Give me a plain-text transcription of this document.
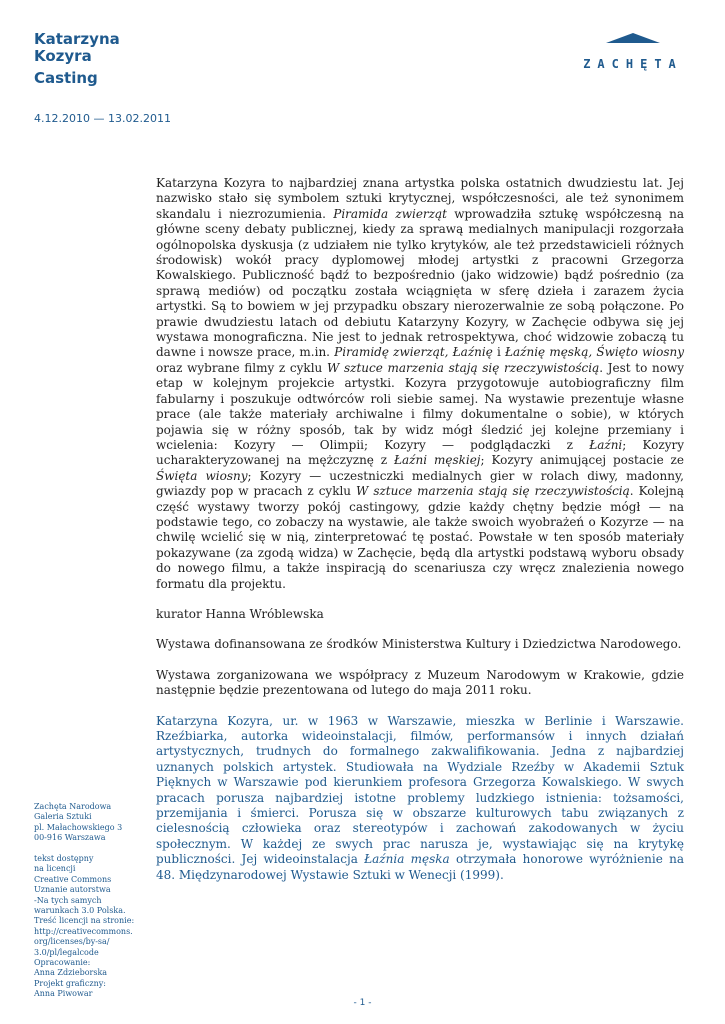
Katarzyna
Kozyra
Casting
4.12.2010 — 13.02.2011
ZACHĘTA

Katarzyna Kozyra to najbardziej znana artystka polska ostatnich dwudziestu lat. Jej nazwisko stało się symbolem sztuki krytycznej, współczesności, ale też synonimem skandalu i niezrozumienia. Piramida zwierząt wprowadziła sztukę współczesną na główne sceny debaty publicznej, kiedy za sprawą medialnych manipulacji rozgorzała ogólnopolska dyskusja (z udziałem nie tylko krytyków, ale też przedstawicieli różnych środowisk) wokół pracy dyplomowej młodej artystki z pracowni Grzegorza Kowalskiego. Publiczność bądź to bezpośrednio (jako widzowie) bądź pośrednio (za sprawą mediów) od początku została wciągnięta w sferę dzieła i zarazem życia artystki. Są to bowiem w jej przypadku obszary nierozerwalnie ze sobą połączone. Po prawie dwudziestu latach od debiutu Katarzyny Kozyry, w Zachęcie odbywa się jej wystawa monograficzna. Nie jest to jednak retrospektywa, choć widzowie zobaczą tu dawne i nowsze prace, m.in. Piramidę zwierząt, Łaźnię i Łaźnię męską, Święto wiosny oraz wybrane filmy z cyklu W sztuce marzenia stają się rzeczywistością. Jest to nowy etap w kolejnym projekcie artystki. Kozyra przygotowuje autobiograficzny film fabularny i poszukuje odtwórców roli siebie samej. Na wystawie prezentuje własne prace (ale także materiały archiwalne i filmy dokumentalne o sobie), w których pojawia się w różny sposób, tak by widz mógł śledzić jej kolejne przemiany i wcielenia: Kozyry — Olimpii; Kozyry — podglądaczki z Łaźni; Kozyry ucharakteryzowanej na mężczyznę z Łaźni męskiej; Kozyry animującej postacie ze Święta wiosny; Kozyry — uczestniczki medialnych gier w rolach diwy, madonny, gwiazdy pop w pracach z cyklu W sztuce marzenia stają się rzeczywistością. Kolejną część wystawy tworzy pokój castingowy, gdzie każdy chętny będzie mógł — na podstawie tego, co zobaczy na wystawie, ale także swoich wyobrażeń o Kozyrze — na chwilę wcielić się w nią, zinterpretować tę postać. Powstałe w ten sposób materiały pokazywane (za zgodą widza) w Zachęcie, będą dla artystki podstawą wyboru obsady do nowego filmu, a także inspiracją do scenariusza czy wręcz znalezienia nowego formatu dla projektu.

kurator Hanna Wróblewska

Wystawa dofinansowana ze środków Ministerstwa Kultury i Dziedzictwa Narodowego.

Wystawa zorganizowana we współpracy z Muzeum Narodowym w Krakowie, gdzie następnie będzie prezentowana od lutego do maja 2011 roku.

Katarzyna Kozyra, ur. w 1963 w Warszawie, mieszka w Berlinie i Warszawie. Rzeźbiarka, autorka wideoinstalacji, filmów, performansów i innych działań artystycznych, trudnych do formalnego zakwalifikowania. Jedna z najbardziej uznanych polskich artystek. Studiowała na Wydziale Rzeźby w Akademii Sztuk Pięknych w Warszawie pod kierunkiem profesora Grzegorza Kowalskiego. W swych pracach porusza najbardziej istotne problemy ludzkiego istnienia: tożsamości, przemijania i śmierci. Porusza się w obszarze kulturowych tabu związanych z cielesnością człowieka oraz stereotypów i zachowań zakodowanych w życiu społecznym. W każdej ze swych prac narusza je, wystawiając się na krytykę publiczności. Jej wideoinstalacja Łaźnia męska otrzymała honorowe wyróżnienie na 48. Międzynarodowej Wystawie Sztuki w Wenecji (1999).

Zachęta Narodowa
Galeria Sztuki
pl. Małachowskiego 3
00-916 Warszawa

tekst dostępny
na licencji
Creative Commons
Uznanie autorstwa
-Na tych samych
warunkach 3.0 Polska.
Treść licencji na stronie:
http://creativecommons.
org/licenses/by-sa/
3.0/pl/legalcode
Opracowanie:
Anna Zdzieborska
Projekt graficzny:
Anna Piwowar

- 1 -
